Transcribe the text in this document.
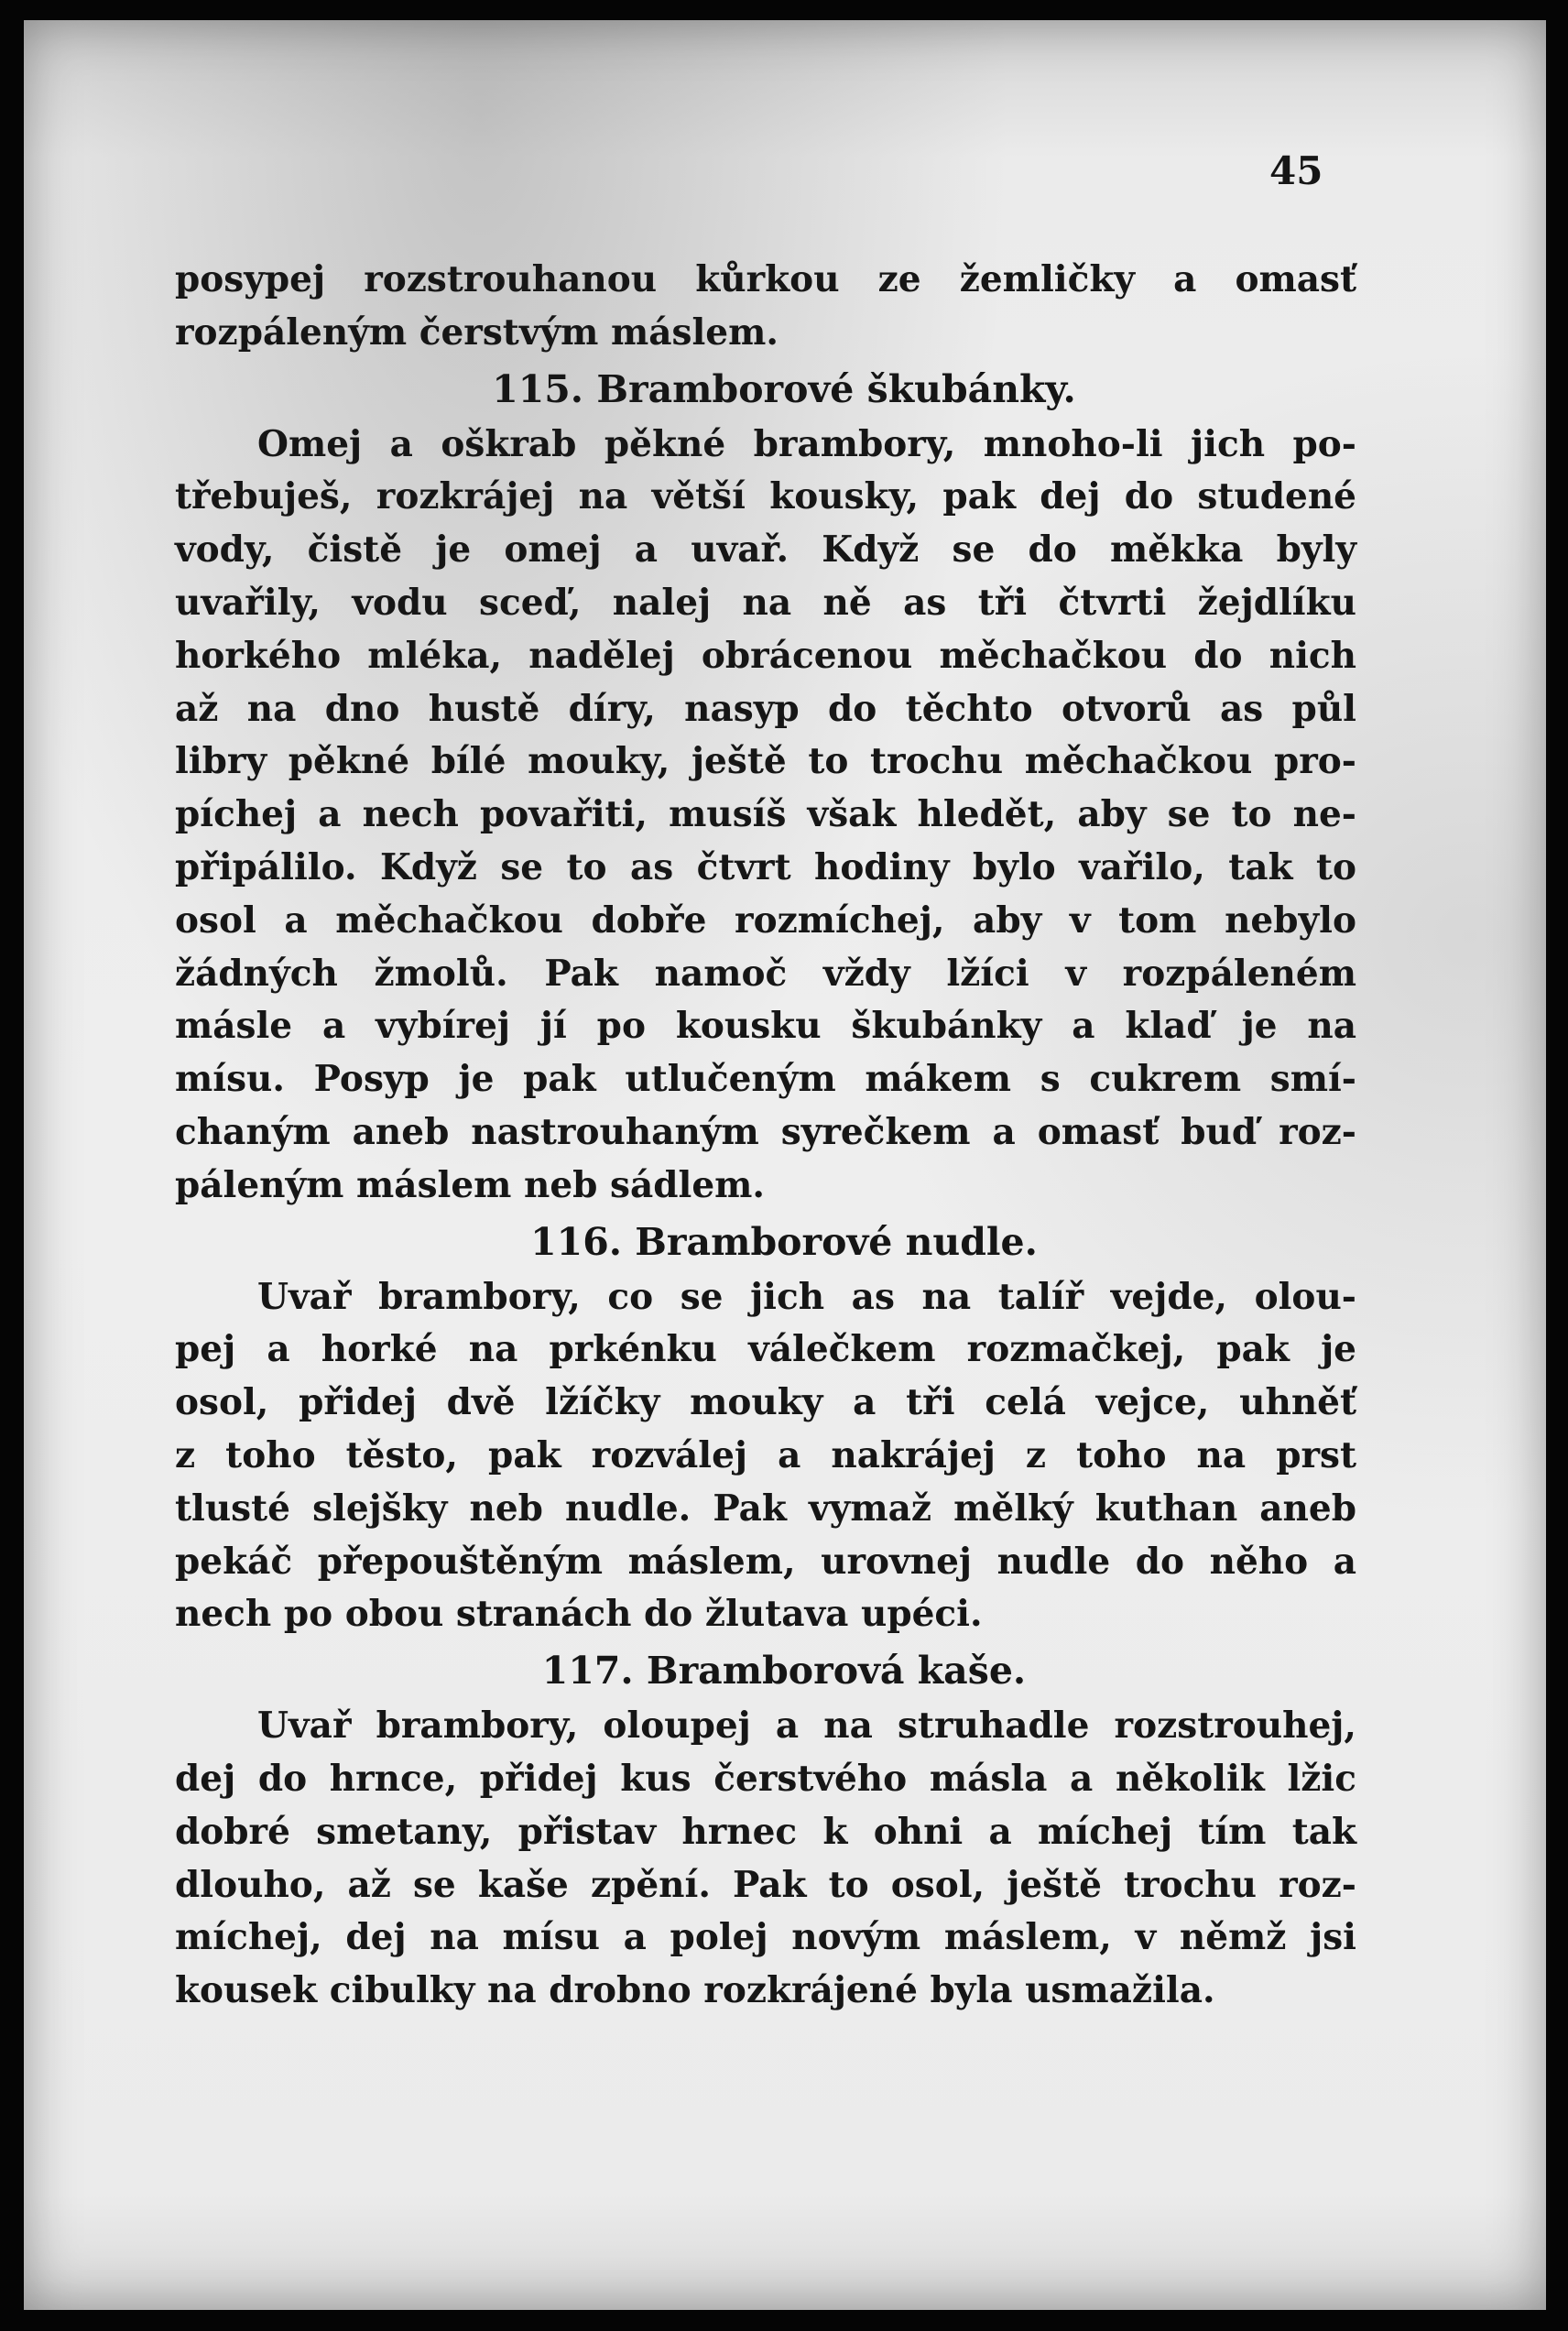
45
posypej rozstrouhanou kůrkou ze žemličky a omasť
rozpáleným čerstvým máslem.
115. Bramborové škubánky.
Omej a oškrab pěkné brambory, mnoho-li jich po-
třebuješ, rozkrájej na větší kousky, pak dej do studené
vody, čistě je omej a uvař. Když se do měkka byly
uvařily, vodu sceď, nalej na ně as tři čtvrti žejdlíku
horkého mléka, nadělej obrácenou měchačkou do nich
až na dno hustě díry, nasyp do těchto otvorů as půl
libry pěkné bílé mouky, ještě to trochu měchačkou pro-
píchej a nech povařiti, musíš však hledět, aby se to ne-
připálilo. Když se to as čtvrt hodiny bylo vařilo, tak to
osol a měchačkou dobře rozmíchej, aby v tom nebylo
žádných žmolů. Pak namoč vždy lžíci v rozpáleném
másle a vybírej jí po kousku škubánky a klaď je na
mísu. Posyp je pak utlučeným mákem s cukrem smí-
chaným aneb nastrouhaným syrečkem a omasť buď roz-
páleným máslem neb sádlem.
116. Bramborové nudle.
Uvař brambory, co se jich as na talíř vejde, olou-
pej a horké na prkénku válečkem rozmačkej, pak je
osol, přidej dvě lžíčky mouky a tři celá vejce, uhněť
z toho těsto, pak rozválej a nakrájej z toho na prst
tlusté slejšky neb nudle. Pak vymaž mělký kuthan aneb
pekáč přepouštěným máslem, urovnej nudle do něho a
nech po obou stranách do žlutava upéci.
117. Bramborová kaše.
Uvař brambory, oloupej a na struhadle rozstrouhej,
dej do hrnce, přidej kus čerstvého másla a několik lžic
dobré smetany, přistav hrnec k ohni a míchej tím tak
dlouho, až se kaše zpění. Pak to osol, ještě trochu roz-
míchej, dej na mísu a polej novým máslem, v němž jsi
kousek cibulky na drobno rozkrájené byla usmažila.
